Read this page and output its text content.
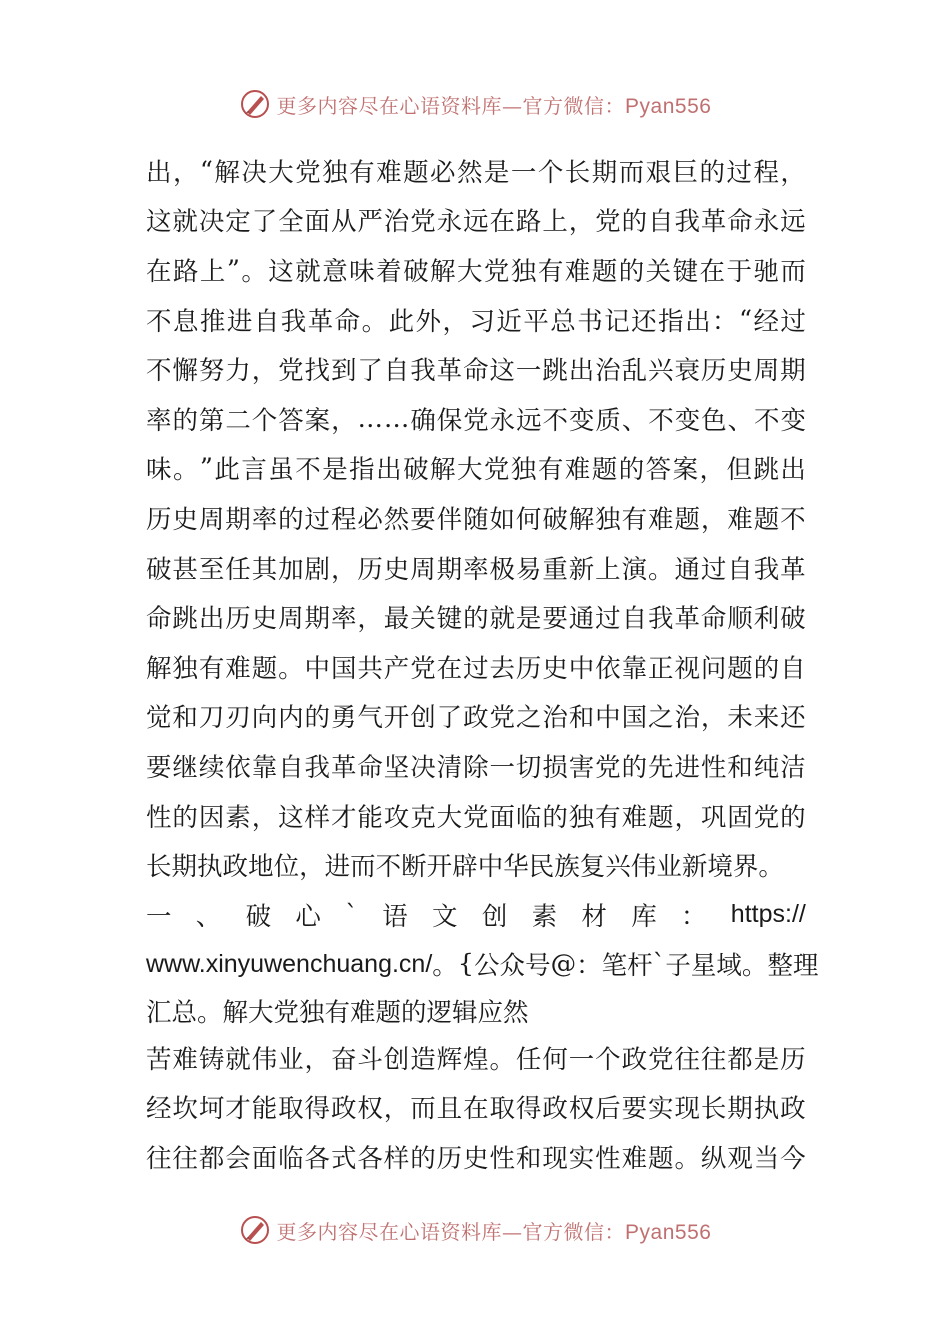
更多内容尽在心语资料库—官方微信：Pyan556
出 ， “ 解 决 大 党 独 有 难 题 必 然 是 一 个 长 期 而 艰 巨 的 过 程 ，
这 就 决 定 了 全 面 从 严 治 党 永 远 在 路 上 ， 党 的 自 我 革 命 永 远
在 路 上 ” 。 这 就 意 味 着 破 解 大 党 独 有 难 题 的 关 键 在 于 驰 而
不 息 推 进 自 我 革 命 。 此 外 ， 习 近 平 总 书 记 还 指 出 ： “ 经 过
不 懈 努 力 ， 党 找 到 了 自 我 革 命 这 一 跳 出 治 乱 兴 衰 历 史 周 期
率 的 第 二 个 答 案 ， … … 确 保 党 永 远 不 变 质 、 不 变 色 、 不 变
味 。 ” 此 言 虽 不 是 指 出 破 解 大 党 独 有 难 题 的 答 案 ， 但 跳 出
历 史 周 期 率 的 过 程 必 然 要 伴 随 如 何 破 解 独 有 难 题 ， 难 题 不
破 甚 至 任 其 加 剧 ， 历 史 周 期 率 极 易 重 新 上 演 。 通 过 自 我 革
命 跳 出 历 史 周 期 率 ， 最 关 键 的 就 是 要 通 过 自 我 革 命 顺 利 破
解 独 有 难 题 。 中 国 共 产 党 在 过 去 历 史 中 依 靠 正 视 问 题 的 自
觉 和 刀 刃 向 内 的 勇 气 开 创 了 政 党 之 治 和 中 国 之 治 ， 未 来 还
要 继 续 依 靠 自 我 革 命 坚 决 清 除 一 切 损 害 党 的 先 进 性 和 纯 洁
性 的 因 素 ， 这 样 才 能 攻 克 大 党 面 临 的 独 有 难 题 ， 巩 固 党 的
长 期 执 政 地 位 ， 进 而 不 断 开 辟 中 华 民 族 复 兴 伟 业 新 境 界 。
一 、 破 心 ` 语 文 创 素 材 库 ： https://
www.xinyuwenchuang.cn/ 。 { 公 众 号 @ ： 笔 杆 ` 子 星 域 。 整 理
汇总。解大党独有难题的逻辑应然
苦 难 铸 就 伟 业 ， 奋 斗 创 造 辉 煌 。 任 何 一 个 政 党 往 往 都 是 历
经 坎 坷 才 能 取 得 政 权 ， 而 且 在 取 得 政 权 后 要 实 现 长 期 执 政
往 往 都 会 面 临 各 式 各 样 的 历 史 性 和 现 实 性 难 题 。 纵 观 当 今
更多内容尽在心语资料库—官方微信：Pyan556
